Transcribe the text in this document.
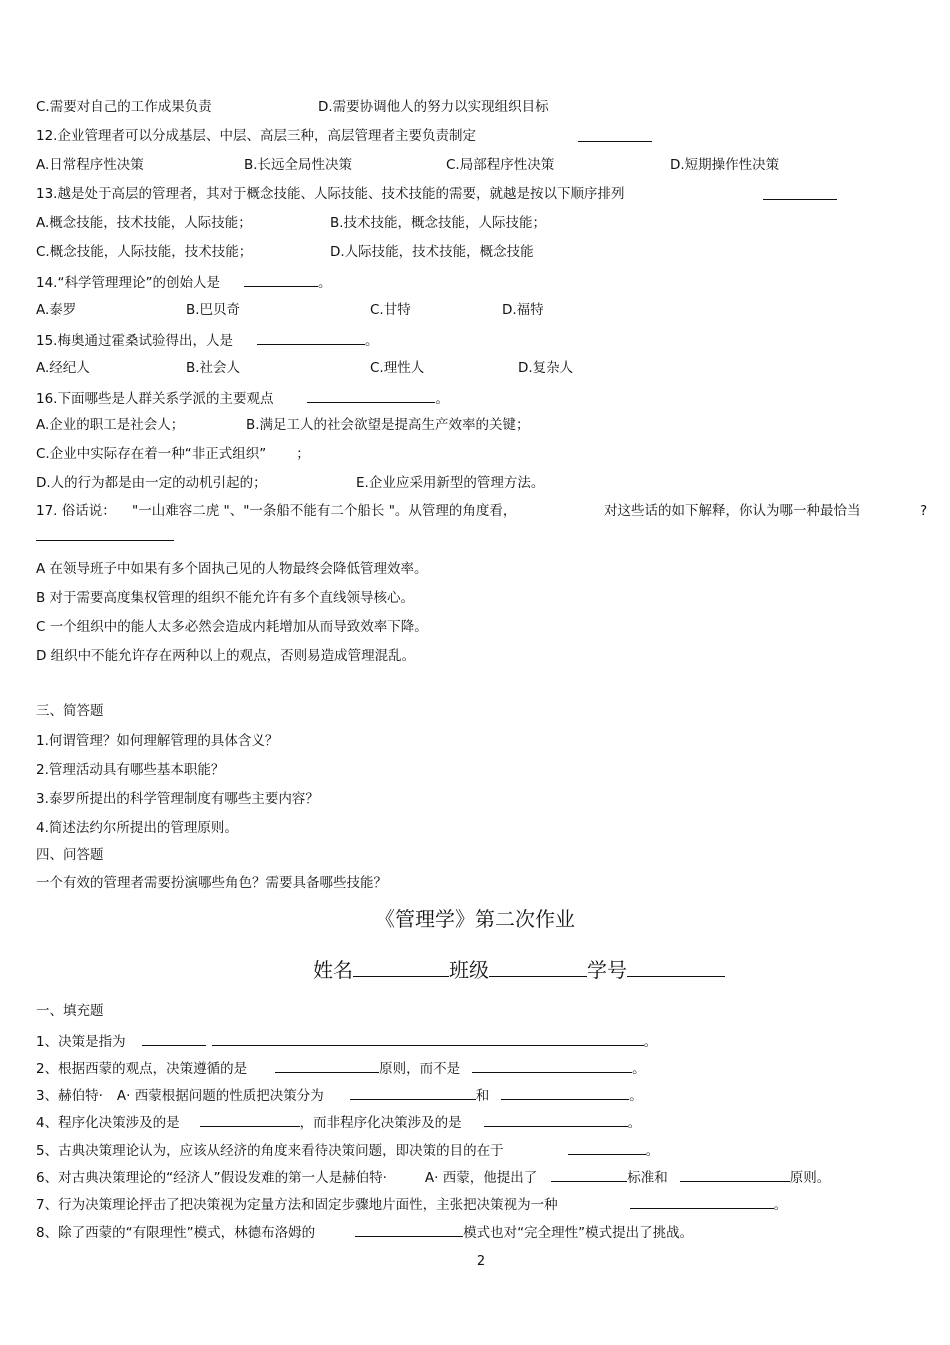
C.需要对自己的工作成果负责	D.需要协调他人的努力以实现组织目标
12.企业管理者可以分成基层、中层、高层三种，高层管理者主要负责制定
A.日常程序性决策	B.长远全局性决策	C.局部程序性决策	D.短期操作性决策
13.越是处于高层的管理者，其对于概念技能、人际技能、技术技能的需要，就越是按以下顺序排列
A.概念技能，技术技能，人际技能；	B.技术技能，概念技能，人际技能；
C.概念技能，人际技能，技术技能；	D.人际技能，技术技能，概念技能
14.“科学管理理论”的创始人是	。
A.泰罗	B.巴贝奇	C.甘特	D.福特
15.梅奥通过霍桑试验得出，人是	。
A.经纪人	B.社会人	C.理性人	D.复杂人
16.下面哪些是人群关系学派的主要观点	。
A.企业的职工是社会人；	B.满足工人的社会欲望是提高生产效率的关键；
C.企业中实际存在着一种“非正式组织” ；
D.人的行为都是由一定的动机引起的；	E.企业应采用新型的管理方法。
17. 俗话说： "一山难容二虎 "、"一条船不能有二个船长 "。从管理的角度看，	对这些话的如下解释，你认为哪一种最恰当	?
A 在领导班子中如果有多个固执己见的人物最终会降低管理效率。
B 对于需要高度集权管理的组织不能允许有多个直线领导核心。
C 一个组织中的能人太多必然会造成内耗增加从而导致效率下降。
D 组织中不能允许存在两种以上的观点，否则易造成管理混乱。
三、简答题
1.何谓管理？如何理解管理的具体含义？
2.管理活动具有哪些基本职能？
3.泰罗所提出的科学管理制度有哪些主要内容？
4.简述法约尔所提出的管理原则。
四、问答题
一个有效的管理者需要扮演哪些角色？需要具备哪些技能？
《管理学》第二次作业
姓名	班级	学号
一、填充题
1、决策是指为	。
2、根据西蒙的观点，决策遵循的是	原则，而不是	。
3、赫伯特· A· 西蒙根据问题的性质把决策分为	和	。
4、程序化决策涉及的是	，而非程序化决策涉及的是	。
5、古典决策理论认为，应该从经济的角度来看待决策问题，即决策的目的在于	。
6、对古典决策理论的“经济人”假设发难的第一人是赫伯特·	A· 西蒙，他提出了	标准和	原则。
7、行为决策理论抨击了把决策视为定量方法和固定步骤地片面性，主张把决策视为一种	。
8、除了西蒙的“有限理性”模式，林德布洛姆的	模式也对“完全理性”模式提出了挑战。
2
